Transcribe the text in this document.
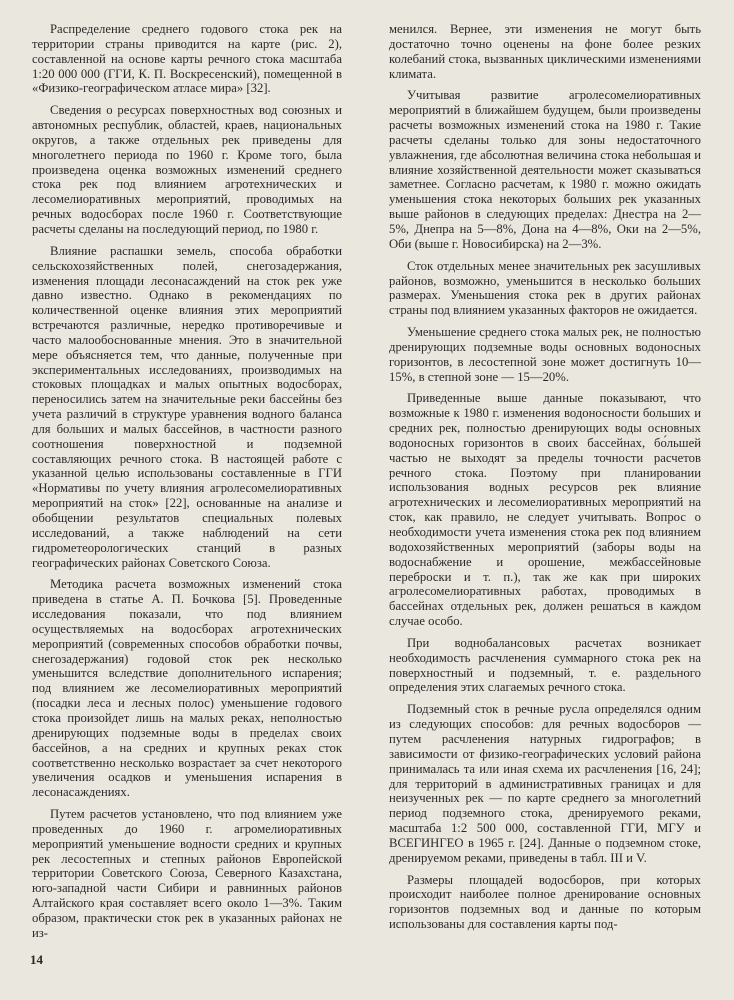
Распределение среднего годового стока рек на территории страны приводится на карте (рис. 2), составленной на основе карты речного стока масштаба 1:20 000 000 (ГГИ, К. П. Воскресенский), помещенной в «Физико-географическом атласе мира» [32].

Сведения о ресурсах поверхностных вод союзных и автономных республик, областей, краев, национальных округов, а также отдельных рек приведены для многолетнего периода по 1960 г. Кроме того, была произведена оценка возможных изменений среднего стока рек под влиянием агротехнических и лесомелиоративных мероприятий, проводимых на речных водосборах после 1960 г. Соответствующие расчеты сделаны на последующий период, по 1980 г.

Влияние распашки земель, способа обработки сельскохозяйственных полей, снегозадержания, изменения площади лесонасаждений на сток рек уже давно известно. Однако в рекомендациях по количественной оценке влияния этих мероприятий встречаются различные, нередко противоречивые и часто малообоснованные мнения. Это в значительной мере объясняется тем, что данные, полученные при экспериментальных исследованиях, производимых на стоковых площадках и малых опытных водосборах, переносились затем на значительные реки бассейны без учета различий в структуре уравнения водного баланса для больших и малых бассейнов, в частности разного соотношения поверхностной и подземной составляющих речного стока. В настоящей работе с указанной целью использованы составленные в ГГИ «Нормативы по учету влияния агролесомелиоративных мероприятий на сток» [22], основанные на анализе и обобщении результатов специальных полевых исследований, а также наблюдений на сети гидрометеорологических станций в разных географических районах Советского Союза.

Методика расчета возможных изменений стока приведена в статье А. П. Бочкова [5]. Проведенные исследования показали, что под влиянием осуществляемых на водосборах агротехнических мероприятий (современных способов обработки почвы, снегозадержания) годовой сток рек несколько уменьшится вследствие дополнительного испарения; под влиянием же лесомелиоративных мероприятий (посадки леса и лесных полос) уменьшение годового стока произойдет лишь на малых реках, неполностью дренирующих подземные воды в пределах своих бассейнов, а на средних и крупных реках сток соответственно несколько возрастает за счет некоторого увеличения осадков и уменьшения испарения в лесонасаждениях.

Путем расчетов установлено, что под влиянием уже проведенных до 1960 г. агромелиоративных мероприятий уменьшение водности средних и крупных рек лесостепных и степных районов Европейской территории Советского Союза, Северного Казахстана, юго-западной части Сибири и равнинных районов Алтайского края составляет всего около 1—3%. Таким образом, практически сток рек в указанных районах не из-

менился. Вернее, эти изменения не могут быть достаточно точно оценены на фоне более резких колебаний стока, вызванных циклическими изменениями климата.

Учитывая развитие агролесомелиоративных мероприятий в ближайшем будущем, были произведены расчеты возможных изменений стока на 1980 г. Такие расчеты сделаны только для зоны недостаточного увлажнения, где абсолютная величина стока небольшая и влияние хозяйственной деятельности может сказываться заметнее. Согласно расчетам, к 1980 г. можно ожидать уменьшения стока некоторых больших рек указанных выше районов в следующих пределах: Днестра на 2—5%, Днепра на 5—8%, Дона на 4—8%, Оки на 2—5%, Оби (выше г. Новосибирска) на 2—3%.

Сток отдельных менее значительных рек засушливых районов, возможно, уменьшится в несколько больших размерах. Уменьшения стока рек в других районах страны под влиянием указанных факторов не ожидается.

Уменьшение среднего стока малых рек, не полностью дренирующих подземные воды основных водоносных горизонтов, в лесостепной зоне может достигнуть 10—15%, в степной зоне — 15—20%.

Приведенные выше данные показывают, что возможные к 1980 г. изменения водоносности больших и средних рек, полностью дренирующих воды основных водоносных горизонтов в своих бассейнах, бо́льшей частью не выходят за пределы точности расчетов речного стока. Поэтому при планировании использования водных ресурсов рек влияние агротехнических и лесомелиоративных мероприятий на сток, как правило, не следует учитывать. Вопрос о необходимости учета изменения стока рек под влиянием водохозяйственных мероприятий (заборы воды на водоснабжение и орошение, межбассейновые переброски и т. п.), так же как при широких агролесомелиоративных работах, проводимых в бассейнах отдельных рек, должен решаться в каждом случае особо.

При воднобалансовых расчетах возникает необходимость расчленения суммарного стока рек на поверхностный и подземный, т. е. раздельного определения этих слагаемых речного стока.

Подземный сток в речные русла определялся одним из следующих способов: для речных водосборов — путем расчленения натурных гидрографов; в зависимости от физико-географических условий района принималась та или иная схема их расчленения [16, 24]; для территорий в административных границах и для неизученных рек — по карте среднего за многолетний период подземного стока, дренируемого реками, масштаба 1:2 500 000, составленной ГГИ, МГУ и ВСЕГИНГЕО в 1965 г. [24]. Данные о подземном стоке, дренируемом реками, приведены в табл. III и V.

Размеры площадей водосборов, при которых происходит наиболее полное дренирование основных горизонтов подземных вод и данные по которым использованы для составления карты под-

14
